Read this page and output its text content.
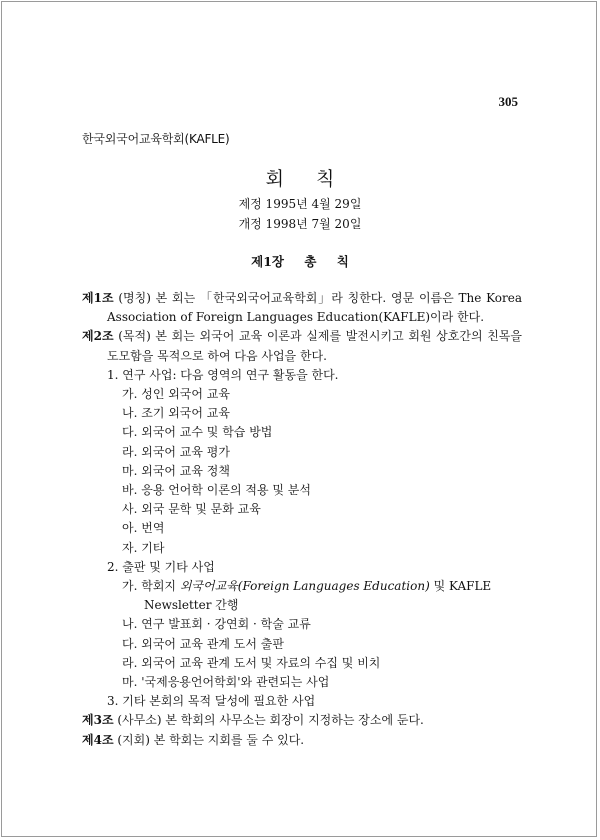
305
한국외국어교육학회(KAFLE)
회 칙
제정 1995년 4월 29일
개정 1998년 7월 20일
제1장 총 칙

제1조 (명칭) 본 회는 「한국외국어교육학회」라 칭한다. 영문 이름은 The Korea Association of Foreign Languages Education(KAFLE)이라 한다.

제2조 (목적) 본 회는 외국어 교육 이론과 실제를 발전시키고 회원 상호간의 친목을 도모함을 목적으로 하여 다음 사업을 한다.

1. 연구 사업: 다음 영역의 연구 활동을 한다.
가. 성인 외국어 교육
나. 조기 외국어 교육
다. 외국어 교수 및 학습 방법
라. 외국어 교육 평가
마. 외국어 교육 정책
바. 응용 언어학 이론의 적용 및 분석
사. 외국 문학 및 문화 교육
아. 번역
자. 기타
2. 출판 및 기타 사업
가. 학회지 외국어교육(Foreign Languages Education) 및 KAFLE Newsletter 간행
나. 연구 발표회 · 강연회 · 학술 교류
다. 외국어 교육 관계 도서 출판
라. 외국어 교육 관계 도서 및 자료의 수집 및 비치
마. '국제응용언어학회'와 관련되는 사업
3. 기타 본회의 목적 달성에 필요한 사업

제3조 (사무소) 본 학회의 사무소는 회장이 지정하는 장소에 둔다.

제4조 (지회) 본 학회는 지회를 둘 수 있다.
